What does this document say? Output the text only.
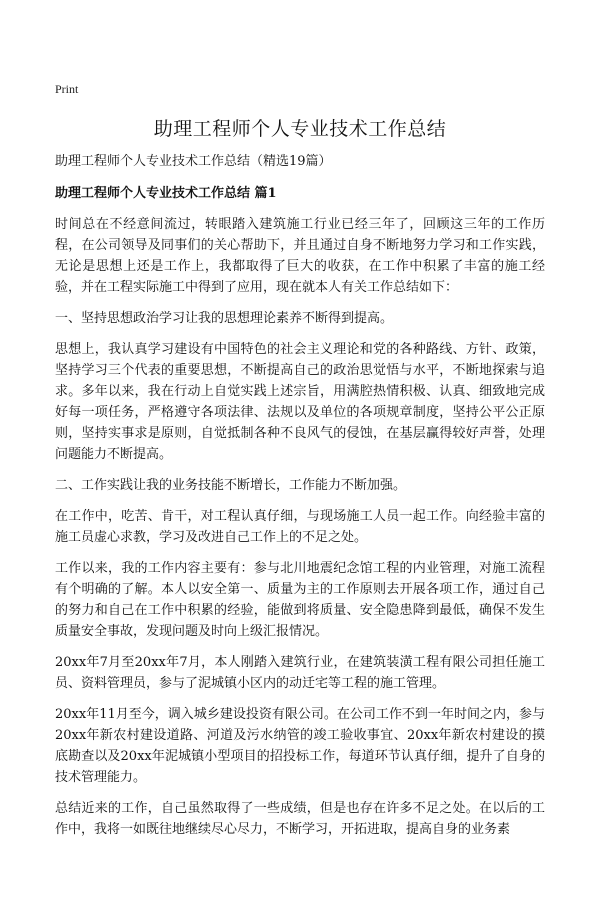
Print
助理工程师个人专业技术工作总结

助理工程师个人专业技术工作总结（精选19篇）

助理工程师个人专业技术工作总结 篇1

时间总在不经意间流过，转眼踏入建筑施工行业已经三年了，回顾这三年的工作历程，在公司领导及同事们的关心帮助下，并且通过自身不断地努力学习和工作实践，无论是思想上还是工作上，我都取得了巨大的收获，在工作中积累了丰富的施工经验，并在工程实际施工中得到了应用，现在就本人有关工作总结如下：

一、坚持思想政治学习让我的思想理论素养不断得到提高。

思想上，我认真学习建设有中国特色的社会主义理论和党的各种路线、方针、政策，坚持学习三个代表的重要思想，不断提高自己的政治思觉悟与水平，不断地探索与追求。多年以来，我在行动上自觉实践上述宗旨，用满腔热情积极、认真、细致地完成好每一项任务，严格遵守各项法律、法规以及单位的各项规章制度，坚持公平公正原则，坚持实事求是原则，自觉抵制各种不良风气的侵蚀，在基层赢得较好声誉，处理问题能力不断提高。

二、工作实践让我的业务技能不断增长，工作能力不断加强。

在工作中，吃苦、肯干，对工程认真仔细，与现场施工人员一起工作。向经验丰富的施工员虚心求教，学习及改进自己工作上的不足之处。

工作以来，我的工作内容主要有：参与北川地震纪念馆工程的内业管理，对施工流程有个明确的了解。本人以安全第一、质量为主的工作原则去开展各项工作，通过自己的努力和自己在工作中积累的经验，能做到将质量、安全隐患降到最低，确保不发生质量安全事故，发现问题及时向上级汇报情况。

20xx年7月至20xx年7月，本人刚踏入建筑行业，在建筑装潢工程有限公司担任施工员、资料管理员，参与了泥城镇小区内的动迁宅等工程的施工管理。

20xx年11月至今，调入城乡建设投资有限公司。在公司工作不到一年时间之内，参与20xx年新农村建设道路、河道及污水纳管的竣工验收事宜、20xx年新农村建设的摸底勘查以及20xx年泥城镇小型项目的招投标工作，每道环节认真仔细，提升了自身的技术管理能力。

总结近来的工作，自己虽然取得了一些成绩，但是也存在许多不足之处。在以后的工作中，我将一如既往地继续尽心尽力，不断学习，开拓进取，提高自身的业务素
